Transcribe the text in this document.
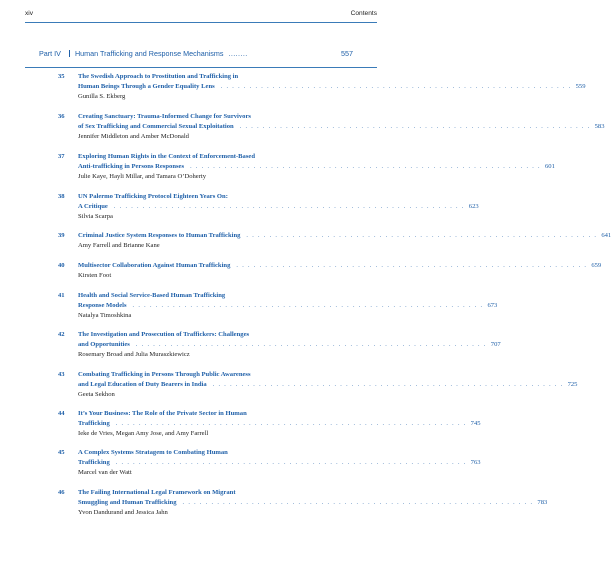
xiv	Contents
Part IV Human Trafficking and Response Mechanisms ........	557
35 The Swedish Approach to Prostitution and Trafficking in
Human Beings Through a Gender Equality Lens . . . . . . . . . . . . . . . . . . . . . . . . . . . . . . . . . . . . . . . . . . . . . . . . . . . . . . . . . . . . . 559
Gunilla S. Ekberg
36 Creating Sanctuary: Trauma-Informed Change for Survivors
of Sex Trafficking and Commercial Sexual Exploitation . . . . . . . . . . . . . . . . . . . . . . . . . . . . . . . . . . . . . . . . . . . . . . . . . . . . . . . . . . . . . 583
Jennifer Middleton and Amber McDonald
37 Exploring Human Rights in the Context of Enforcement-Based
Anti-trafficking in Persons Responses . . . . . . . . . . . . . . . . . . . . . . . . . . . . . . . . . . . . . . . . . . . . . . . . . . . . . . . . . . . . . 601
Julie Kaye, Hayli Millar, and Tamara O’Doherty
38 UN Palermo Trafficking Protocol Eighteen Years On:
A Critique . . . . . . . . . . . . . . . . . . . . . . . . . . . . . . . . . . . . . . . . . . . . . . . . . . . . . . . . . . . . . 623
Silvia Scarpa
39 Criminal Justice System Responses to Human Trafficking . . . . . . . . . . . . . . . . . . . . . . . . . . . . . . . . . . . . . . . . . . . . . . . . . . . . . . . . . . . . . 641
Amy Farrell and Brianne Kane
40 Multisector Collaboration Against Human Trafficking . . . . . . . . . . . . . . . . . . . . . . . . . . . . . . . . . . . . . . . . . . . . . . . . . . . . . . . . . . . . . 659
Kirsten Foot
41 Health and Social Service-Based Human Trafficking
Response Models . . . . . . . . . . . . . . . . . . . . . . . . . . . . . . . . . . . . . . . . . . . . . . . . . . . . . . . . . . . . . 673
Natalya Timoshkina
42 The Investigation and Prosecution of Traffickers: Challenges
and Opportunities . . . . . . . . . . . . . . . . . . . . . . . . . . . . . . . . . . . . . . . . . . . . . . . . . . . . . . . . . . . . . 707
Rosemary Broad and Julia Muraszkiewicz
43 Combating Trafficking in Persons Through Public Awareness
and Legal Education of Duty Bearers in India . . . . . . . . . . . . . . . . . . . . . . . . . . . . . . . . . . . . . . . . . . . . . . . . . . . . . . . . . . . . . 725
Geeta Sekhon
44 It’s Your Business: The Role of the Private Sector in Human
Trafficking . . . . . . . . . . . . . . . . . . . . . . . . . . . . . . . . . . . . . . . . . . . . . . . . . . . . . . . . . . . . . 745
Ieke de Vries, Megan Amy Jose, and Amy Farrell
45 A Complex Systems Stratagem to Combating Human
Trafficking . . . . . . . . . . . . . . . . . . . . . . . . . . . . . . . . . . . . . . . . . . . . . . . . . . . . . . . . . . . . . 763
Marcel van der Watt
46 The Failing International Legal Framework on Migrant
Smuggling and Human Trafficking . . . . . . . . . . . . . . . . . . . . . . . . . . . . . . . . . . . . . . . . . . . . . . . . . . . . . . . . . . . . . 783
Yvon Dandurand and Jessica Jahn
